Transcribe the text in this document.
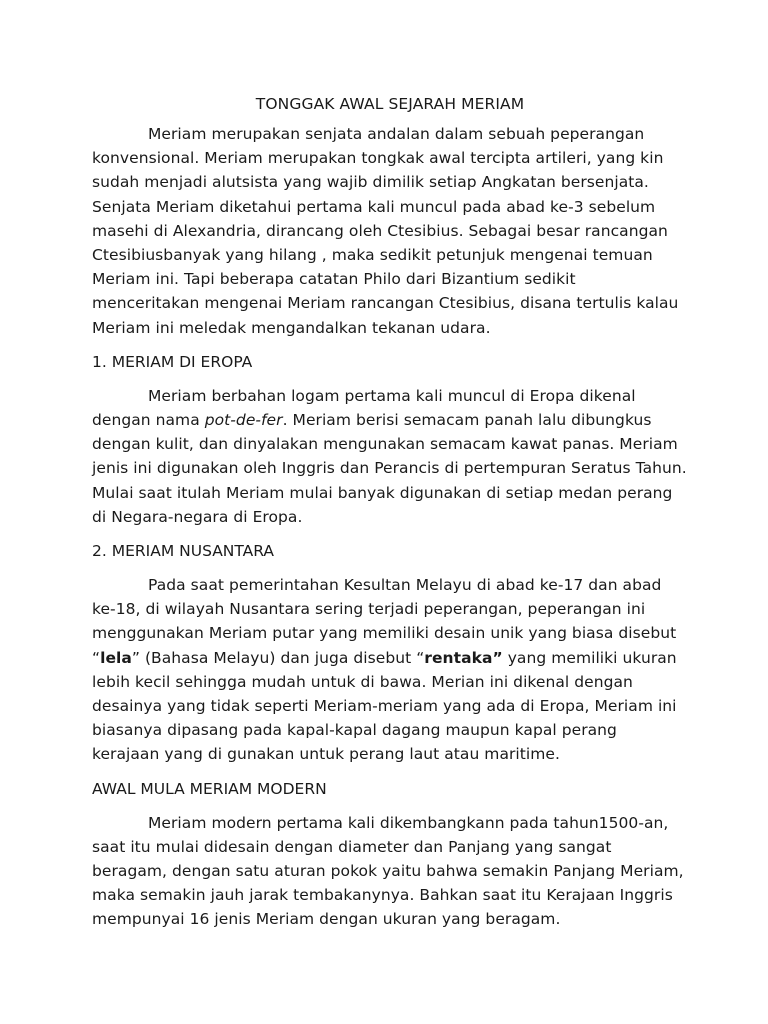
TONGGAK AWAL SEJARAH MERIAM

Meriam merupakan senjata andalan dalam sebuah peperangan konvensional. Meriam merupakan tongkak awal tercipta artileri, yang kin sudah menjadi alutsista yang wajib dimilik setiap Angkatan bersenjata. Senjata Meriam diketahui pertama kali muncul pada abad ke-3 sebelum masehi di Alexandria, dirancang oleh Ctesibius. Sebagai besar rancangan Ctesibiusbanyak yang hilang , maka sedikit petunjuk mengenai temuan Meriam ini. Tapi beberapa catatan Philo dari Bizantium sedikit menceritakan mengenai Meriam rancangan Ctesibius, disana tertulis kalau Meriam ini meledak mengandalkan tekanan udara.

1. MERIAM DI EROPA

Meriam berbahan logam pertama kali muncul di Eropa dikenal dengan nama pot-de-fer. Meriam berisi semacam panah lalu dibungkus dengan kulit, dan dinyalakan mengunakan semacam kawat panas. Meriam jenis ini digunakan oleh Inggris dan Perancis di pertempuran Seratus Tahun. Mulai saat itulah Meriam mulai banyak digunakan di setiap medan perang di Negara-negara di Eropa.

2. MERIAM NUSANTARA

Pada saat pemerintahan Kesultan Melayu di abad ke-17 dan abad ke-18, di wilayah Nusantara sering terjadi peperangan, peperangan ini menggunakan Meriam putar yang memiliki desain unik yang biasa disebut “lela” (Bahasa Melayu) dan juga disebut “rentaka” yang memiliki ukuran lebih kecil sehingga mudah untuk di bawa. Merian ini dikenal dengan desainya yang tidak seperti Meriam-meriam yang ada di Eropa, Meriam ini biasanya dipasang pada kapal-kapal dagang maupun kapal perang kerajaan yang di gunakan untuk perang laut atau maritime.

AWAL MULA MERIAM MODERN

Meriam modern pertama kali dikembangkann pada tahun1500-an, saat itu mulai didesain dengan diameter dan Panjang yang sangat beragam, dengan satu aturan pokok yaitu bahwa semakin Panjang Meriam, maka semakin jauh jarak tembakanynya. Bahkan saat itu Kerajaan Inggris mempunyai 16 jenis Meriam dengan ukuran yang beragam.
